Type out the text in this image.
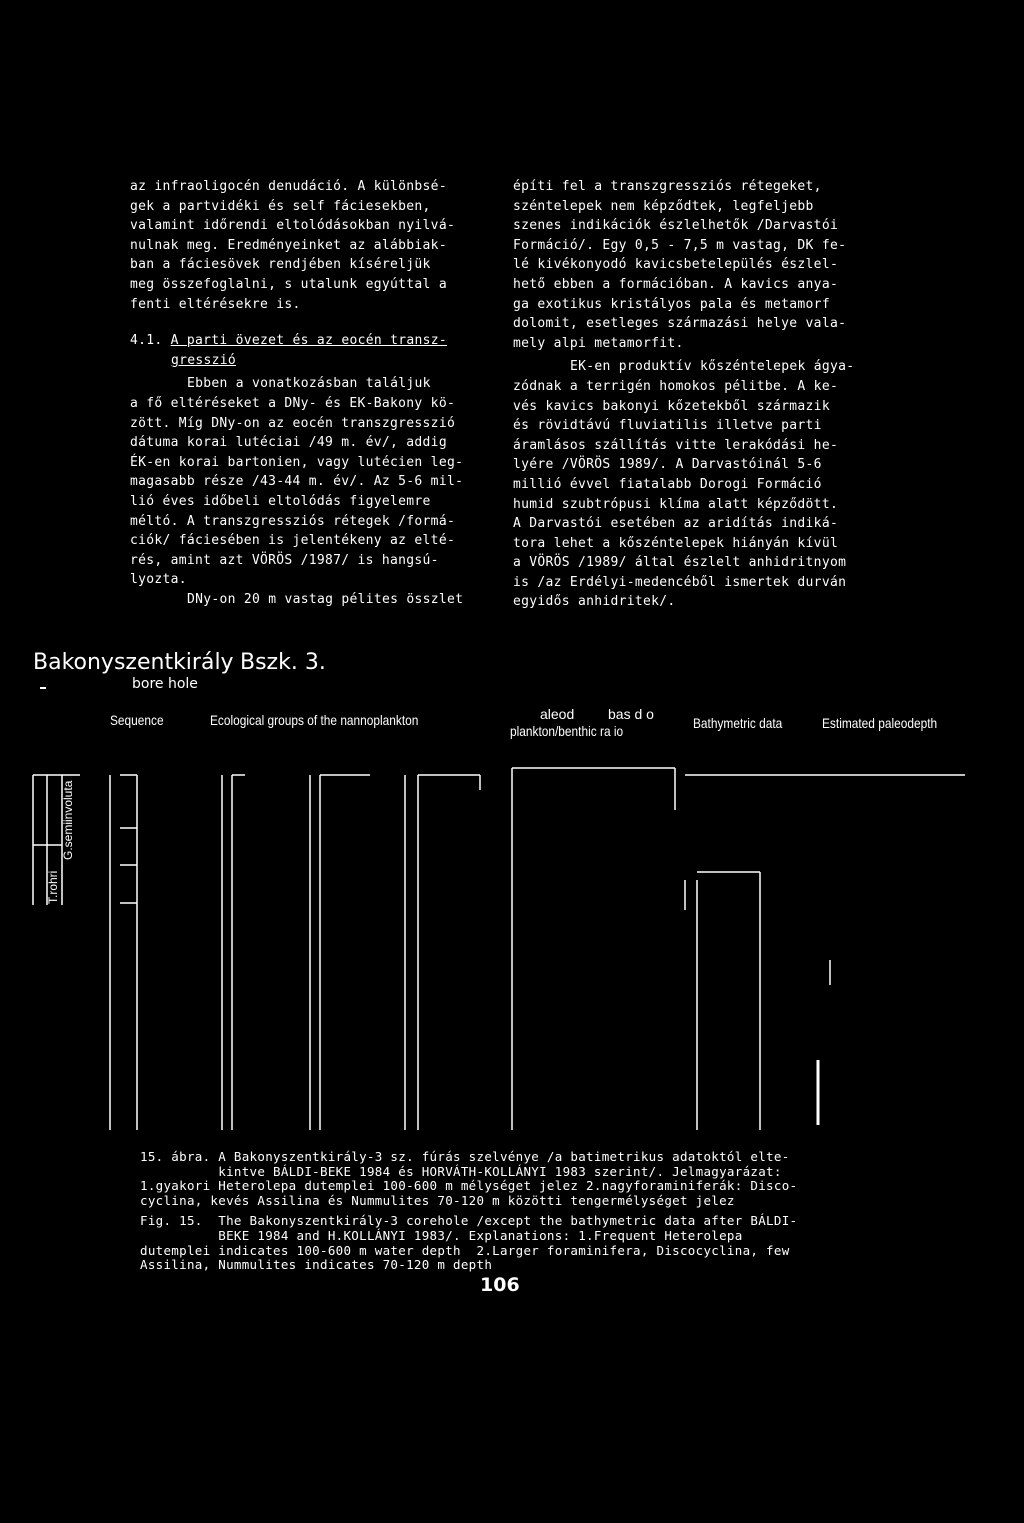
az infraoligocén denudáció. A különbsé-

gek a partvidéki és self fáciesekben,

valamint időrendi eltolódásokban nyilvá-

nulnak meg. Eredményeinket az alábbiak-

ban a fáciesövek rendjében kíséreljük

meg összefoglalni, s utalunk egyúttal a

fenti eltérésekre is.

4.1. A parti övezet és az eocén transz-

gresszió

Ebben a vonatkozásban találjuk

a fő eltéréseket a DNy- és EK-Bakony kö-

zött. Míg DNy-on az eocén transzgresszió

dátuma korai lutéciai /49 m. év/, addig

ÉK-en korai bartonien, vagy lutécien leg-

magasabb része /43-44 m. év/. Az 5-6 mil-

lió éves időbeli eltolódás figyelemre

méltó. A transzgressziós rétegek /formá-

ciók/ fáciesében is jelentékeny az elté-

rés, amint azt VÖRÖS /1987/ is hangsú-

lyozta.

DNy-on 20 m vastag pélites összlet

építi fel a transzgressziós rétegeket,

széntelepek nem képződtek, legfeljebb

szenes indikációk észlelhetők /Darvastói

Formáció/. Egy 0,5 - 7,5 m vastag, DK fe-

lé kivékonyodó kavicsbetelepülés észlel-

hető ebben a formációban. A kavics anya-

ga exotikus kristályos pala és metamorf

dolomit, esetleges származási helye vala-

mely alpi metamorfit.

EK-en produktív kőszéntelepek ágya-

zódnak a terrigén homokos pélitbe. A ke-

vés kavics bakonyi kőzetekből származik

és rövidtávú fluviatilis illetve parti

áramlásos szállítás vitte lerakódási he-

lyére /VÖRÖS 1989/. A Darvastóinál 5-6

millió évvel fiatalabb Dorogi Formáció

humid szubtrópusi klíma alatt képződött.

A Darvastói esetében az aridítás indiká-

tora lehet a kőszéntelepek hiányán kívül

a VÖRÖS /1989/ által észlelt anhidritnyom

is /az Erdélyi-medencéből ismertek durván

egyidős anhidritek/.

Bakonyszentkirály Bszk. 3.
bore hole
Sequence	Ecological groups of the nannoplankton	aleod bas d o
plankton/benthic ra io	Bathymetric data	Estimated paleodepth
T.rohri
G.semiinvoluta

15. ábra. A Bakonyszentkirály-3 sz. fúrás szelvénye /a batimetrikus adatoktól elte-

kintve BÁLDI-BEKE 1984 és HORVÁTH-KOLLÁNYI 1983 szerint/. Jelmagyarázat:

1.gyakori Heterolepa dutemplei 100-600 m mélységet jelez 2.nagyforaminiferák: Disco-

cyclina, kevés Assilina és Nummulites 70-120 m közötti tengermélységet jelez

Fig. 15.  The Bakonyszentkirály-3 corehole /except the bathymetric data after BÁLDI-

BEKE 1984 and H.KOLLÁNYI 1983/. Explanations: 1.Frequent Heterolepa

dutemplei indicates 100-600 m water depth  2.Larger foraminifera, Discocyclina, few

Assilina, Nummulites indicates 70-120 m depth

106
